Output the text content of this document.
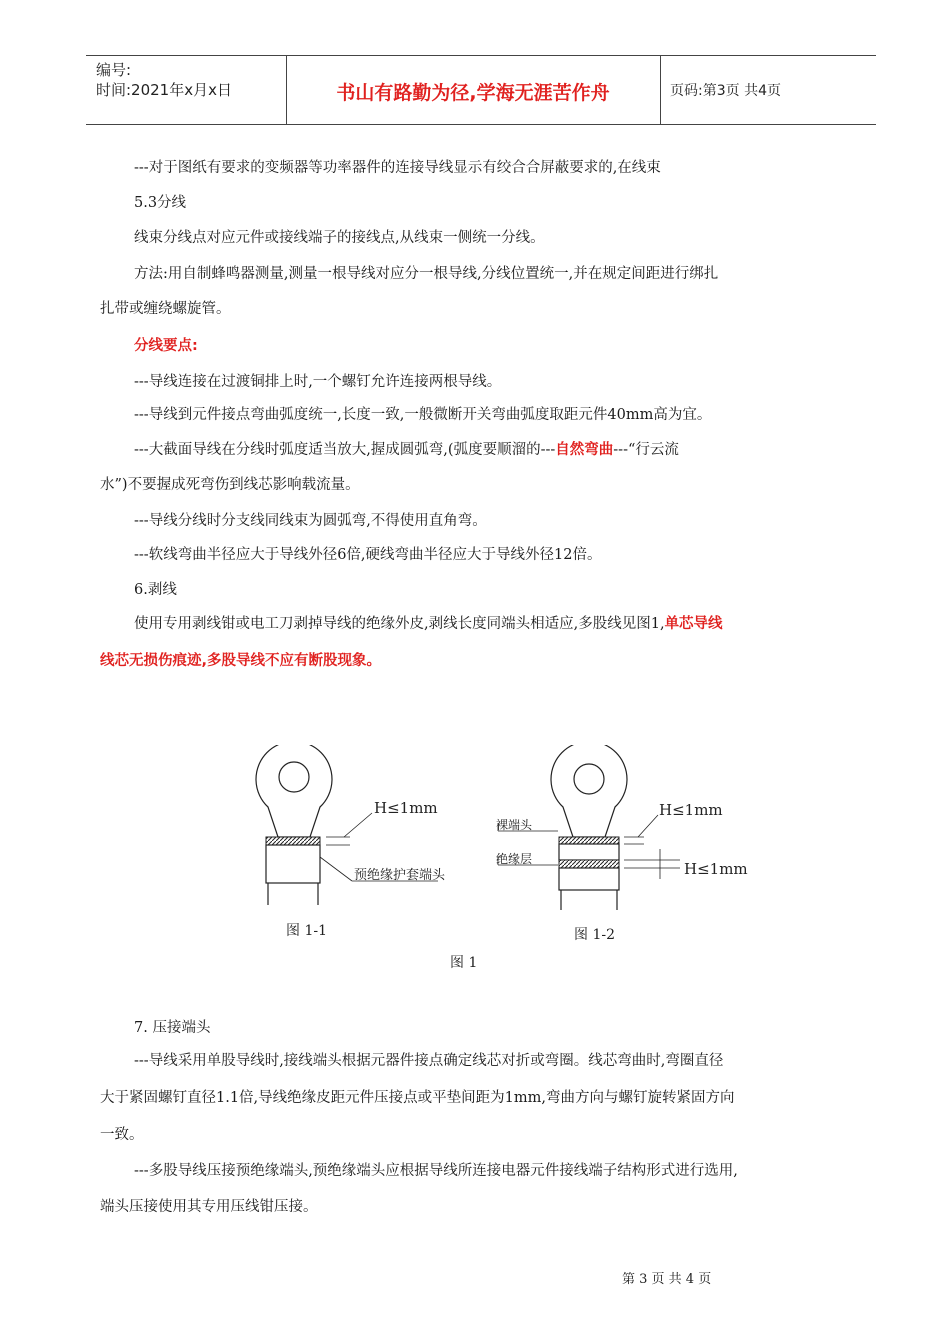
编号:
时间:2021年x月x日	书山有路勤为径,学海无涯苦作舟	页码:第3页 共4页
---对于图纸有要求的变频器等功率器件的连接导线显示有绞合合屏蔽要求的,在线束
5.3分线
线束分线点对应元件或接线端子的接线点,从线束一侧统一分线。
方法:用自制蜂鸣器测量,测量一根导线对应分一根导线,分线位置统一,并在规定间距进行绑扎
扎带或缠绕螺旋管。
分线要点:
---导线连接在过渡铜排上时,一个螺钉允许连接两根导线。
---导线到元件接点弯曲弧度统一,长度一致,一般微断开关弯曲弧度取距元件40mm高为宜。
---大截面导线在分线时弧度适当放大,握成圆弧弯,(弧度要顺溜的---自然弯曲---“行云流
水”)不要握成死弯伤到线芯影响载流量。
---导线分线时分支线同线束为圆弧弯,不得使用直角弯。
---软线弯曲半径应大于导线外径6倍,硬线弯曲半径应大于导线外径12倍。
6.剥线
使用专用剥线钳或电工刀剥掉导线的绝缘外皮,剥线长度同端头相适应,多股线见图1,单芯导线
线芯无损伤痕迹,多股导线不应有断股现象。
H≤1mm
预绝缘护套端头
图 1-1
H≤1mm
裸端头
绝缘层
H≤1mm
图 1-2
图 1
7. 压接端头
---导线采用单股导线时,接线端头根据元器件接点确定线芯对折或弯圈。线芯弯曲时,弯圈直径
大于紧固螺钉直径1.1倍,导线绝缘皮距元件压接点或平垫间距为1mm,弯曲方向与螺钉旋转紧固方向
一致。
---多股导线压接预绝缘端头,预绝缘端头应根据导线所连接电器元件接线端子结构形式进行选用,
端头压接使用其专用压线钳压接。
第 3 页 共 4 页
